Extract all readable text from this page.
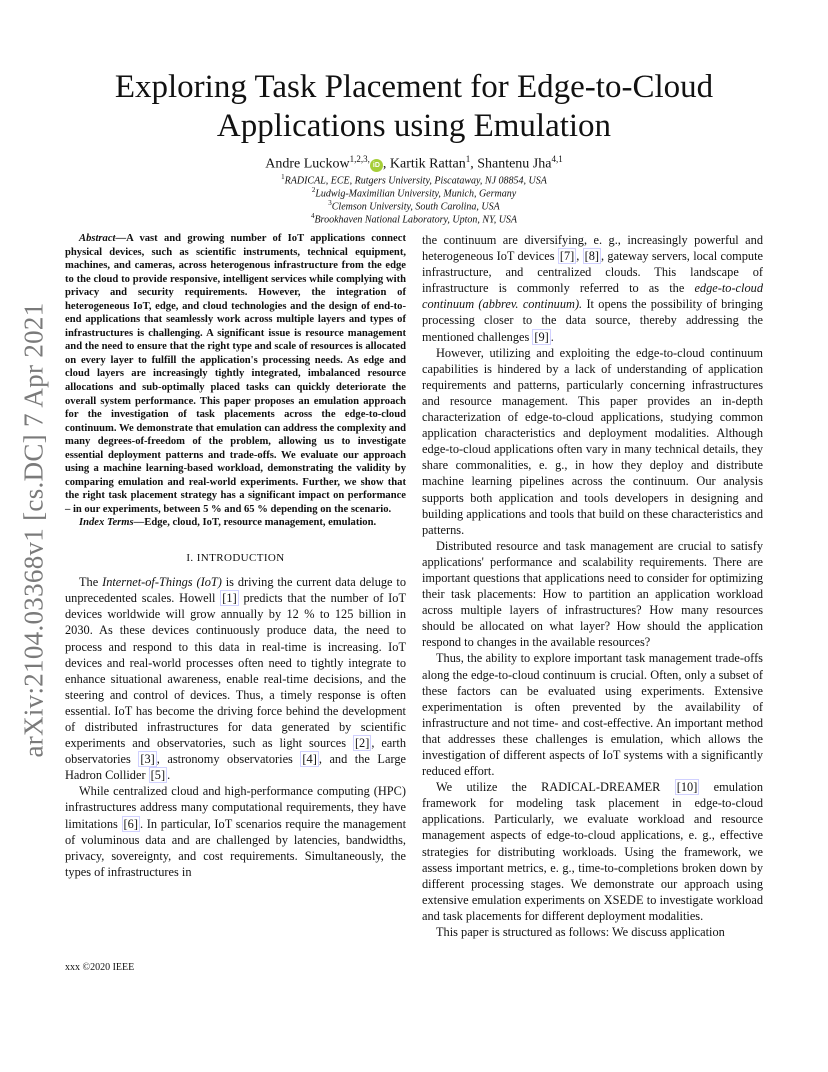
arXiv:2104.03368v1 [cs.DC] 7 Apr 2021
Exploring Task Placement for Edge-to-Cloud
Applications using Emulation
Andre Luckow$^{1,2,3,}$iD , Kartik Rattan$^1$, Shantenu Jha$^{4,1}$
$^1$RADICAL, ECE, Rutgers University, Piscataway, NJ 08854, USA
$^2$Ludwig-Maximilian University, Munich, Germany
$^3$Clemson University, South Carolina, USA
$^4$Brookhaven National Laboratory, Upton, NY, USA

Abstract—A vast and growing number of IoT applications connect physical devices, such as scientific instruments, technical equipment, machines, and cameras, across heterogenous infrastructure from the edge to the cloud to provide responsive, intelligent services while complying with privacy and security requirements. However, the integration of heterogeneous IoT, edge, and cloud technologies and the design of end-to-end applications that seamlessly work across multiple layers and types of infrastructures is challenging. A significant issue is resource management and the need to ensure that the right type and scale of resources is allocated on every layer to fulfill the application's processing needs. As edge and cloud layers are increasingly tightly integrated, imbalanced resource allocations and sub-optimally placed tasks can quickly deteriorate the overall system performance. This paper proposes an emulation approach for the investigation of task placements across the edge-to-cloud continuum. We demonstrate that emulation can address the complexity and many degrees-of-freedom of the problem, allowing us to investigate essential deployment patterns and trade-offs. We evaluate our approach using a machine learning-based workload, demonstrating the validity by comparing emulation and real-world experiments. Further, we show that the right task placement strategy has a significant impact on performance – in our experiments, between 5 % and 65 % depending on the scenario.

Index Terms—Edge, cloud, IoT, resource management, emulation.

I. INTRODUCTION

The Internet-of-Things (IoT) is driving the current data deluge to unprecedented scales. Howell [1] predicts that the number of IoT devices worldwide will grow annually by 12 % to 125 billion in 2030. As these devices continuously produce data, the need to process and respond to this data in real-time is increasing. IoT devices and real-world processes often need to tightly integrate to enhance situational awareness, enable real-time decisions, and the steering and control of devices. Thus, a timely response is often essential. IoT has become the driving force behind the development of distributed infrastructures for data generated by scientific experiments and observatories, such as light sources [2] , earth observatories [3] , astronomy observatories [4] , and the Large Hadron Collider [5] .

While centralized cloud and high-performance computing (HPC) infrastructures address many computational requirements, they have limitations [6] . In particular, IoT scenarios require the management of voluminous data and are challenged by latencies, bandwidths, privacy, sovereignty, and cost requirements. Simultaneously, the types of infrastructures in

the continuum are diversifying, e. g., increasingly powerful and heterogeneous IoT devices [7] , [8] , gateway servers, local compute infrastructure, and centralized clouds. This landscape of infrastructure is commonly referred to as the edge-to-cloud continuum (abbrev. continuum). It opens the possibility of bringing processing closer to the data source, thereby addressing the mentioned challenges [9] .

However, utilizing and exploiting the edge-to-cloud continuum capabilities is hindered by a lack of understanding of application requirements and patterns, particularly concerning infrastructures and resource management. This paper provides an in-depth characterization of edge-to-cloud applications, studying common application characteristics and deployment modalities. Although edge-to-cloud applications often vary in many technical details, they share commonalities, e. g., in how they deploy and distribute machine learning pipelines across the continuum. Our analysis supports both application and tools developers in designing and building applications and tools that build on these characteristics and patterns.

Distributed resource and task management are crucial to satisfy applications' performance and scalability requirements. There are important questions that applications need to consider for optimizing their task placements: How to partition an application workload across multiple layers of infrastructures? How many resources should be allocated on what layer? How should the application respond to changes in the available resources?

Thus, the ability to explore important task management trade-offs along the edge-to-cloud continuum is crucial. Often, only a subset of these factors can be evaluated using experiments. Extensive experimentation is often prevented by the availability of infrastructure and not time- and cost-effective. An important method that addresses these challenges is emulation, which allows the investigation of different aspects of IoT systems with a significantly reduced effort.

We utilize the RADICAL-DREAMER [10] emulation framework for modeling task placement in edge-to-cloud applications. Particularly, we evaluate workload and resource management aspects of edge-to-cloud applications, e. g., effective strategies for distributing workloads. Using the framework, we assess important metrics, e. g., time-to-completions broken down by different processing stages. We demonstrate our approach using extensive emulation experiments on XSEDE to investigate workload and task placements for different deployment modalities.

This paper is structured as follows: We discuss application

xxx ©2020 IEEE
